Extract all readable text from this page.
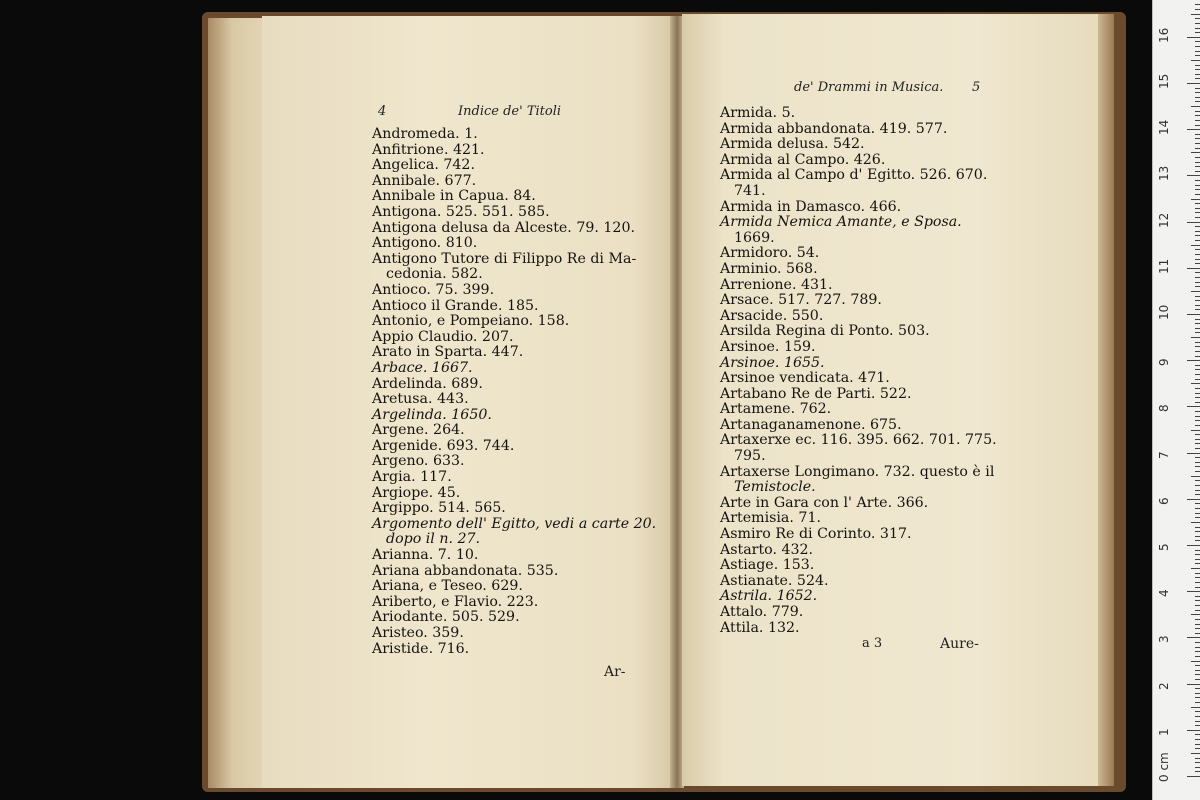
4	Indice de' Titoli
Andromeda. 1.
Anfitrione. 421.
Angelica. 742.
Annibale. 677.
Annibale in Capua. 84.
Antigona. 525. 551. 585.
Antigona delusa da Alceste. 79. 120.
Antigono. 810.
Antigono Tutore di Filippo Re di Ma-
cedonia. 582.
Antioco. 75. 399.
Antioco il Grande. 185.
Antonio, e Pompeiano. 158.
Appio Claudio. 207.
Arato in Sparta. 447.
Arbace. 1667.
Ardelinda. 689.
Aretusa. 443.
Argelinda. 1650.
Argene. 264.
Argenide. 693. 744.
Argeno. 633.
Argia. 117.
Argiope. 45.
Argippo. 514. 565.
Argomento dell' Egitto, vedi a carte 20.
dopo il n. 27.
Arianna. 7. 10.
Ariana abbandonata. 535.
Ariana, e Teseo. 629.
Ariberto, e Flavio. 223.
Ariodante. 505. 529.
Aristeo. 359.
Aristide. 716.
Ar-
de' Drammi in Musica. 5
Armida. 5.
Armida abbandonata. 419. 577.
Armida delusa. 542.
Armida al Campo. 426.
Armida al Campo d' Egitto. 526. 670.
741.
Armida in Damasco. 466.
Armida Nemica Amante, e Sposa.
1669.
Armidoro. 54.
Arminio. 568.
Arrenione. 431.
Arsace. 517. 727. 789.
Arsacide. 550.
Arsilda Regina di Ponto. 503.
Arsinoe. 159.
Arsinoe. 1655.
Arsinoe vendicata. 471.
Artabano Re de Parti. 522.
Artamene. 762.
Artanaganamenone. 675.
Artaxerxe ec. 116. 395. 662. 701. 775.
795.
Artaxerse Longimano. 732. questo è il
Temistocle.
Arte in Gara con l' Arte. 366.
Artemisia. 71.
Asmiro Re di Corinto. 317.
Astarto. 432.
Astiage. 153.
Astianate. 524.
Astrila. 1652.
Attalo. 779.
Attila. 132.
a 3	Aure-
0 cm
1
2
3
4
5
6
7
8
9
10
11
12
13
14
15
16
